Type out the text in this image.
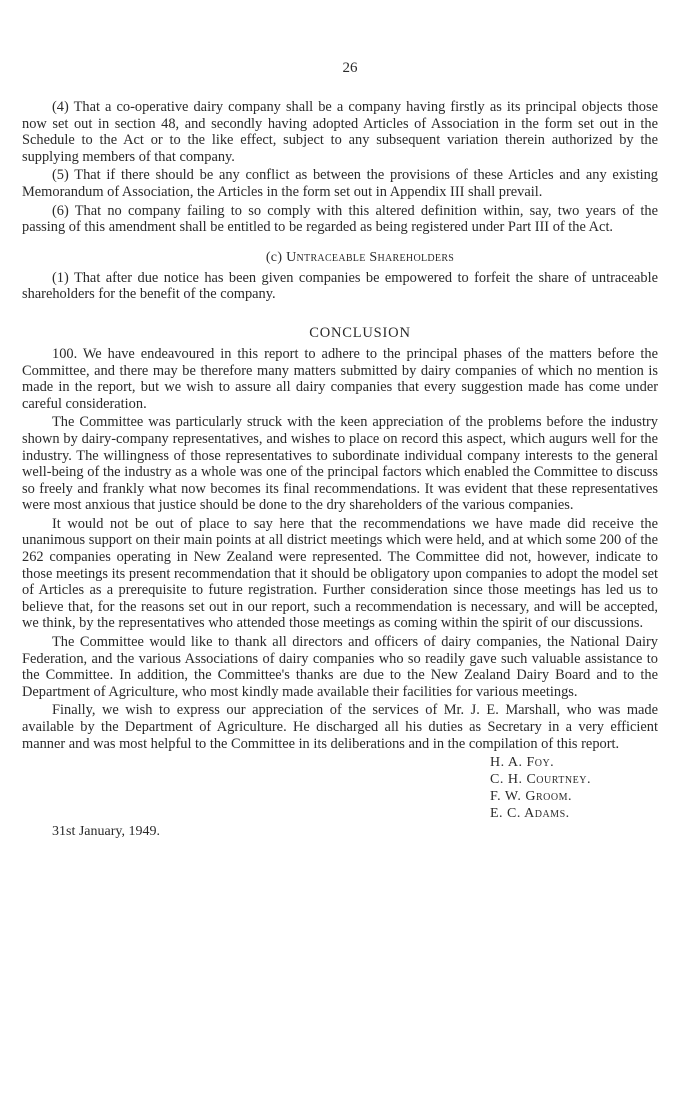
26

(4) That a co-operative dairy company shall be a company having firstly as its principal objects those now set out in section 48, and secondly having adopted Articles of Association in the form set out in the Schedule to the Act or to the like effect, subject to any subsequent variation therein authorized by the supplying members of that company.

(5) That if there should be any conflict as between the provisions of these Articles and any existing Memorandum of Association, the Articles in the form set out in Appendix III shall prevail.

(6) That no company failing to so comply with this altered definition within, say, two years of the passing of this amendment shall be entitled to be regarded as being registered under Part III of the Act.

(c) Untraceable Shareholders

(1) That after due notice has been given companies be empowered to forfeit the share of untraceable shareholders for the benefit of the company.

CONCLUSION

100. We have endeavoured in this report to adhere to the principal phases of the matters before the Committee, and there may be therefore many matters submitted by dairy companies of which no mention is made in the report, but we wish to assure all dairy companies that every suggestion made has come under careful consideration.

The Committee was particularly struck with the keen appreciation of the problems before the industry shown by dairy-company representatives, and wishes to place on record this aspect, which augurs well for the industry. The willingness of those representatives to subordinate individual company interests to the general well-being of the industry as a whole was one of the principal factors which enabled the Committee to discuss so freely and frankly what now becomes its final recommendations. It was evident that these representatives were most anxious that justice should be done to the dry shareholders of the various companies.

It would not be out of place to say here that the recommendations we have made did receive the unanimous support on their main points at all district meetings which were held, and at which some 200 of the 262 companies operating in New Zealand were represented. The Committee did not, however, indicate to those meetings its present recommendation that it should be obligatory upon companies to adopt the model set of Articles as a prerequisite to future registration. Further consideration since those meetings has led us to believe that, for the reasons set out in our report, such a recommendation is necessary, and will be accepted, we think, by the representatives who attended those meetings as coming within the spirit of our discussions.

The Committee would like to thank all directors and officers of dairy companies, the National Dairy Federation, and the various Associations of dairy companies who so readily gave such valuable assistance to the Committee. In addition, the Committee's thanks are due to the New Zealand Dairy Board and to the Department of Agriculture, who most kindly made available their facilities for various meetings.

Finally, we wish to express our appreciation of the services of Mr. J. E. Marshall, who was made available by the Department of Agriculture. He discharged all his duties as Secretary in a very efficient manner and was most helpful to the Committee in its deliberations and in the compilation of this report.

H. A. Foy.
C. H. Courtney.
F. W. Groom.
E. C. Adams.
31st January, 1949.
